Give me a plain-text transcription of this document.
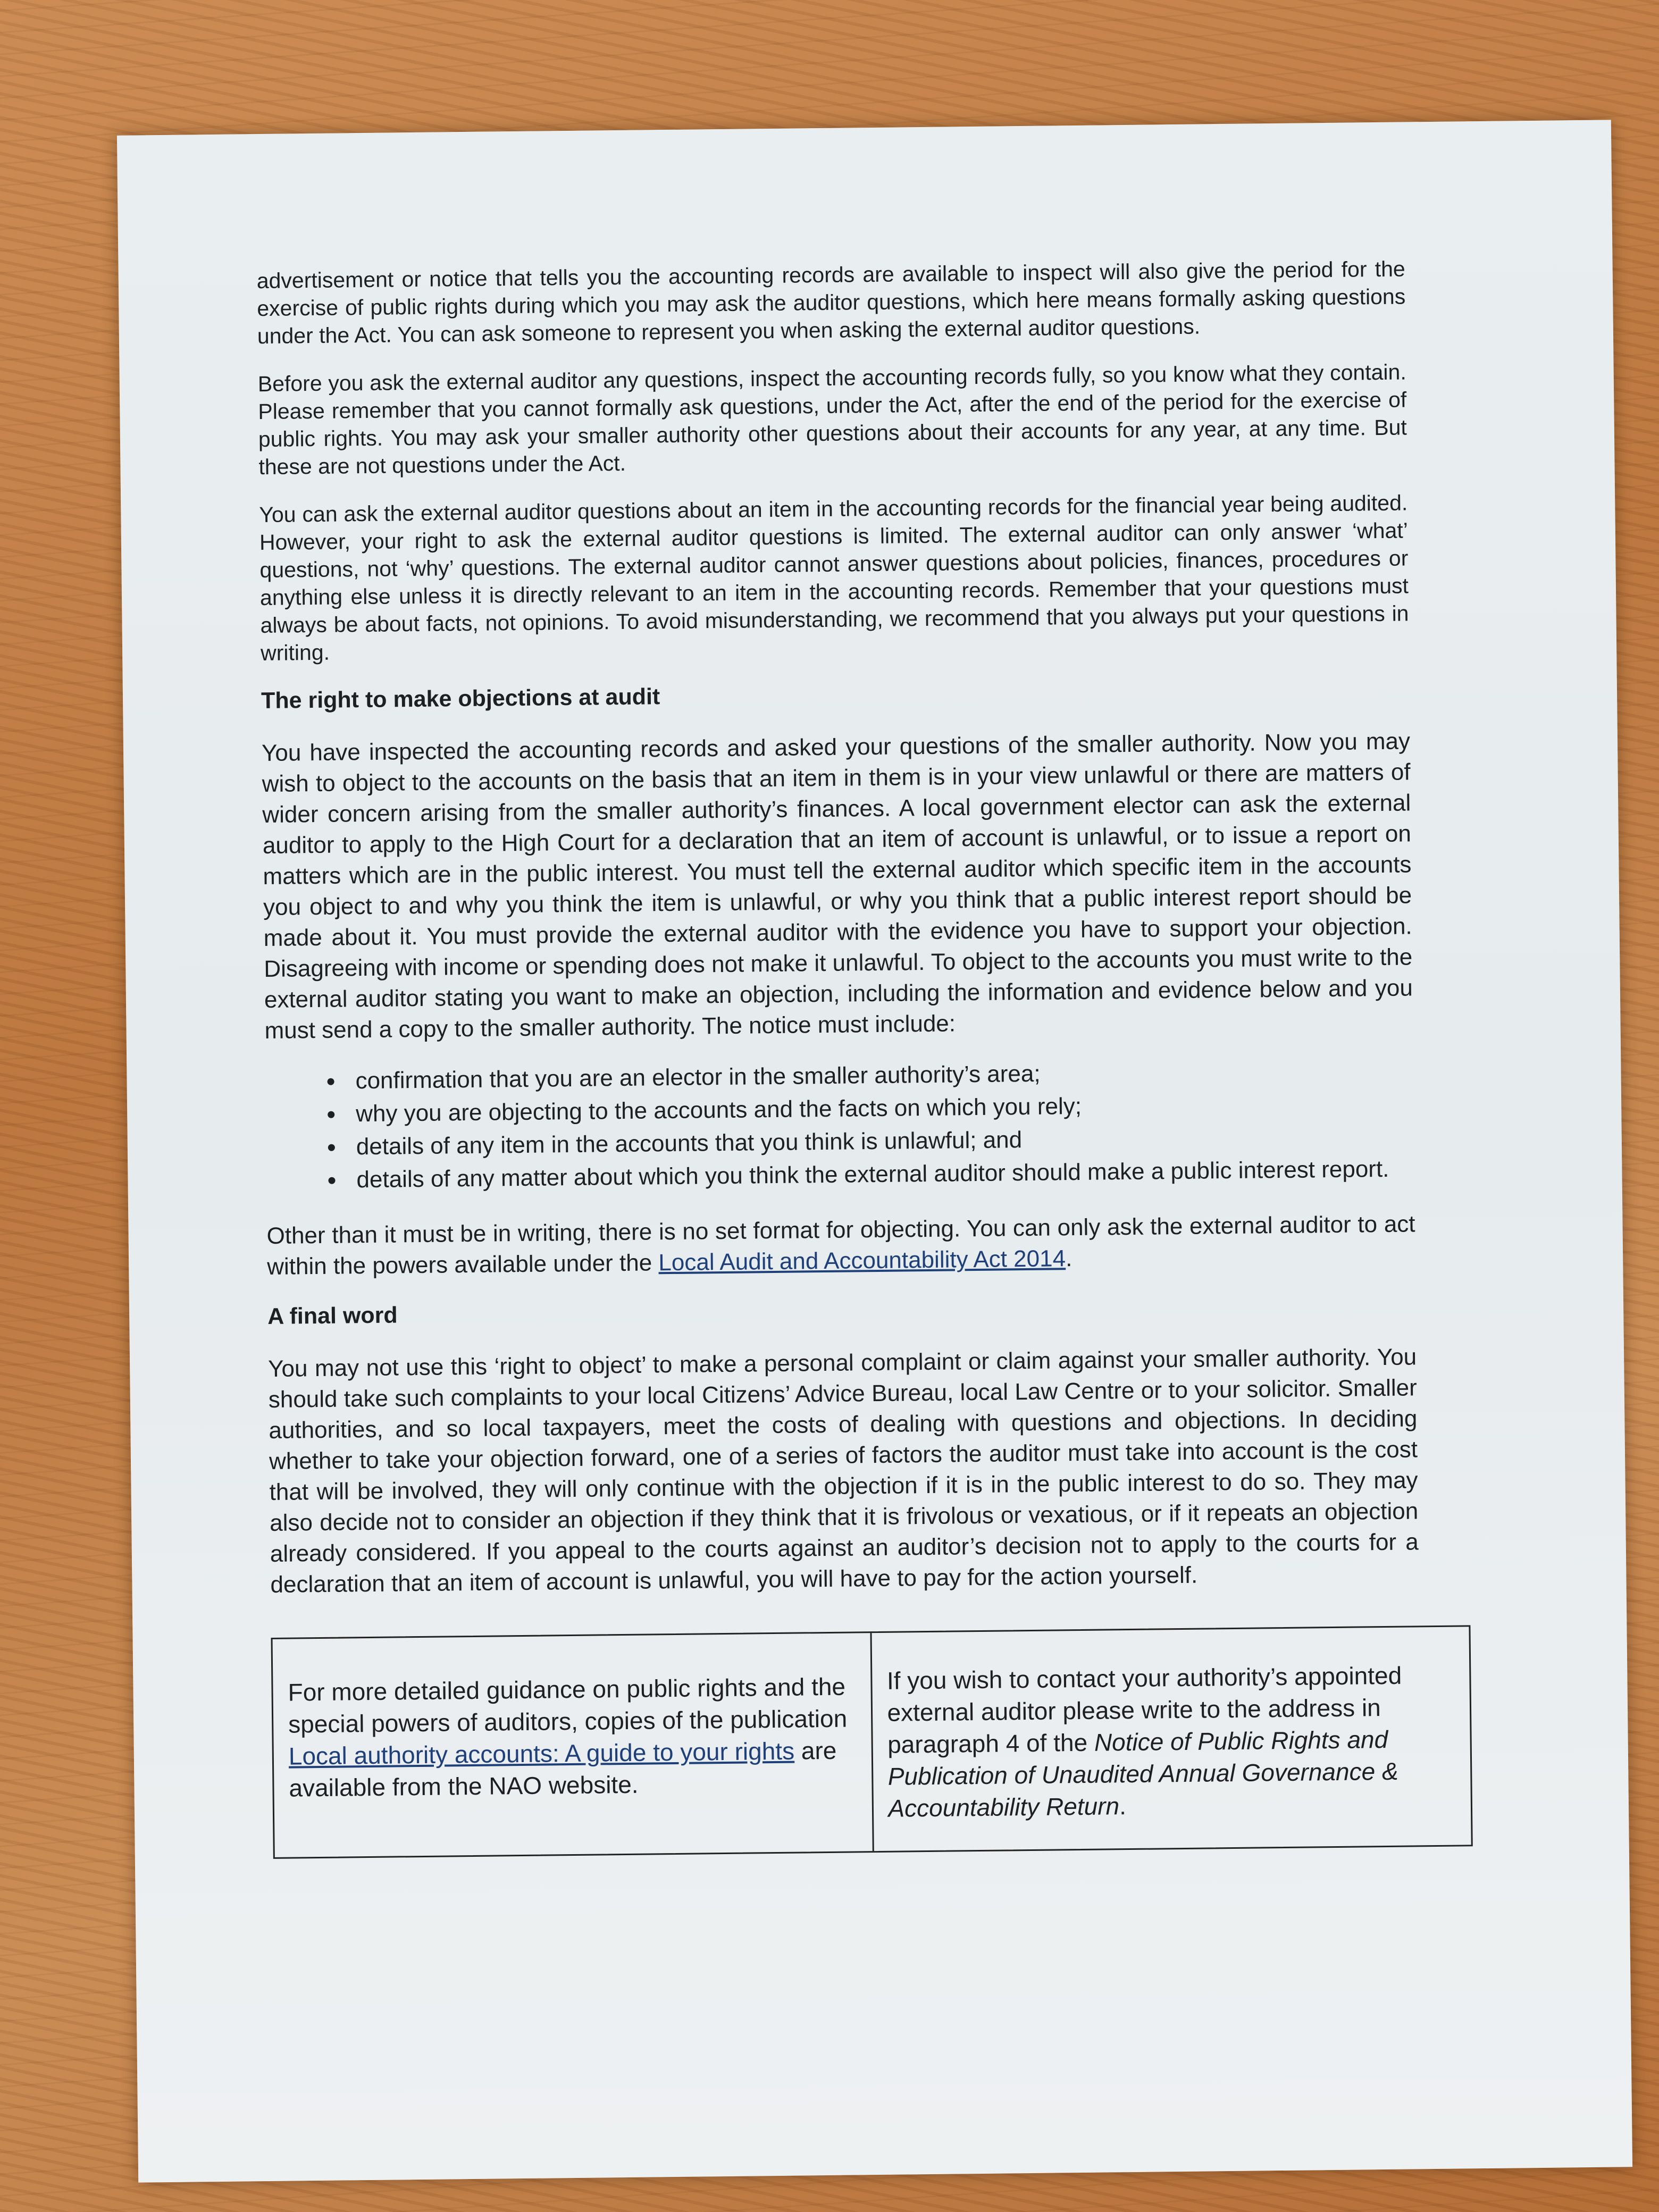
advertisement or notice that tells you the accounting records are available to inspect will also give the period for the exercise of public rights during which you may ask the auditor questions, which here means formally asking questions under the Act. You can ask someone to represent you when asking the external auditor questions.

Before you ask the external auditor any questions, inspect the accounting records fully, so you know what they contain. Please remember that you cannot formally ask questions, under the Act, after the end of the period for the exercise of public rights. You may ask your smaller authority other questions about their accounts for any year, at any time. But these are not questions under the Act.

You can ask the external auditor questions about an item in the accounting records for the financial year being audited. However, your right to ask the external auditor questions is limited. The external auditor can only answer ‘what’ questions, not ‘why’ questions. The external auditor cannot answer questions about policies, finances, procedures or anything else unless it is directly relevant to an item in the accounting records. Remember that your questions must always be about facts, not opinions. To avoid misunderstanding, we recommend that you always put your questions in writing.

The right to make objections at audit

You have inspected the accounting records and asked your questions of the smaller authority. Now you may wish to object to the accounts on the basis that an item in them is in your view unlawful or there are matters of wider concern arising from the smaller authority’s finances. A local government elector can ask the external auditor to apply to the High Court for a declaration that an item of account is unlawful, or to issue a report on matters which are in the public interest. You must tell the external auditor which specific item in the accounts you object to and why you think the item is unlawful, or why you think that a public interest report should be made about it. You must provide the external auditor with the evidence you have to support your objection. Disagreeing with income or spending does not make it unlawful. To object to the accounts you must write to the external auditor stating you want to make an objection, including the information and evidence below and you must send a copy to the smaller authority. The notice must include:

• confirmation that you are an elector in the smaller authority’s area;
• why you are objecting to the accounts and the facts on which you rely;
• details of any item in the accounts that you think is unlawful; and
• details of any matter about which you think the external auditor should make a public interest report.

Other than it must be in writing, there is no set format for objecting. You can only ask the external auditor to act within the powers available under the Local Audit and Accountability Act 2014.

A final word

You may not use this ‘right to object’ to make a personal complaint or claim against your smaller authority. You should take such complaints to your local Citizens’ Advice Bureau, local Law Centre or to your solicitor. Smaller authorities, and so local taxpayers, meet the costs of dealing with questions and objections. In deciding whether to take your objection forward, one of a series of factors the auditor must take into account is the cost that will be involved, they will only continue with the objection if it is in the public interest to do so. They may also decide not to consider an objection if they think that it is frivolous or vexatious, or if it repeats an objection already considered. If you appeal to the courts against an auditor’s decision not to apply to the courts for a declaration that an item of account is unlawful, you will have to pay for the action yourself.

For more detailed guidance on public rights and the special powers of auditors, copies of the publication Local authority accounts: A guide to your rights are available from the NAO website.
If you wish to contact your authority’s appointed external auditor please write to the address in paragraph 4 of the Notice of Public Rights and Publication of Unaudited Annual Governance & Accountability Return.
